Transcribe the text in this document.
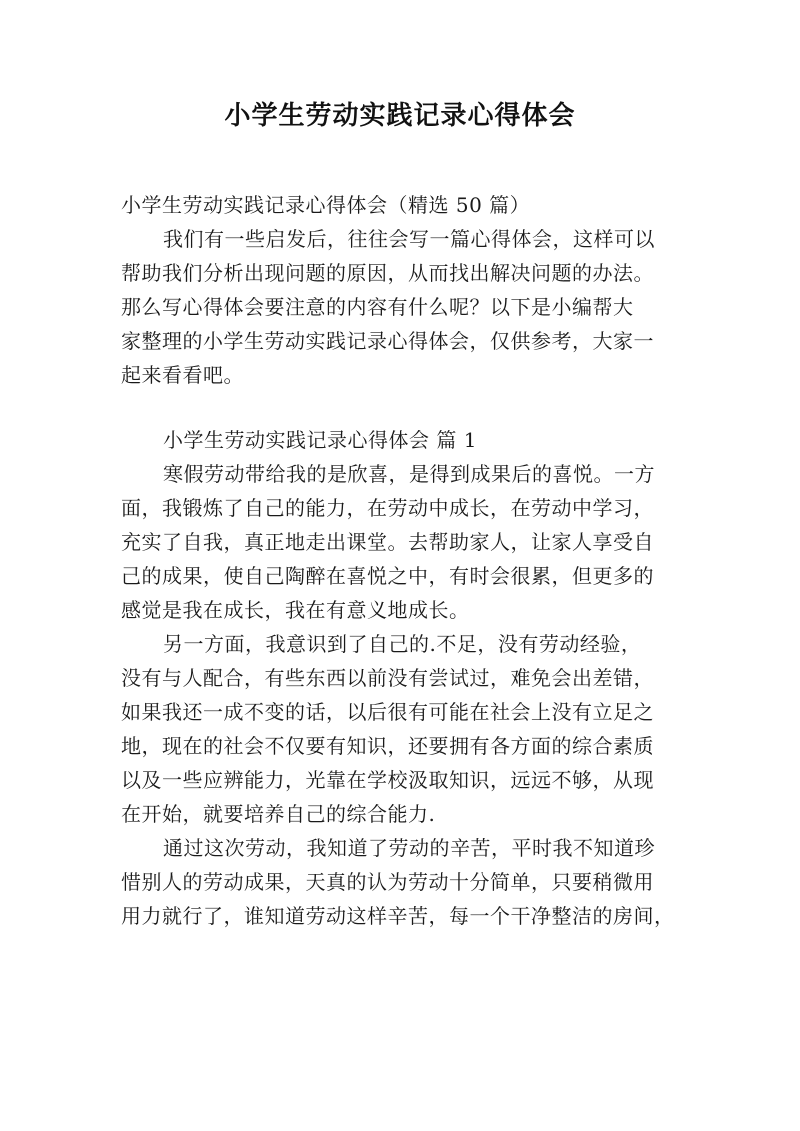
小学生劳动实践记录心得体会
小学生劳动实践记录心得体会（精选 50 篇）
我们有一些启发后，往往会写一篇心得体会，这样可以
帮助我们分析出现问题的原因，从而找出解决问题的办法。
那么写心得体会要注意的内容有什么呢？以下是小编帮大
家整理的小学生劳动实践记录心得体会，仅供参考，大家一
起来看看吧。
小学生劳动实践记录心得体会 篇 1
寒假劳动带给我的是欣喜，是得到成果后的喜悦。一方
面，我锻炼了自己的能力，在劳动中成长，在劳动中学习，
充实了自我，真正地走出课堂。去帮助家人，让家人享受自
己的成果，使自己陶醉在喜悦之中，有时会很累，但更多的
感觉是我在成长，我在有意义地成长。
另一方面，我意识到了自己的.不足，没有劳动经验，
没有与人配合，有些东西以前没有尝试过，难免会出差错，
如果我还一成不变的话，以后很有可能在社会上没有立足之
地，现在的社会不仅要有知识，还要拥有各方面的综合素质
以及一些应辨能力，光靠在学校汲取知识，远远不够，从现
在开始，就要培养自己的综合能力.
通过这次劳动，我知道了劳动的辛苦，平时我不知道珍
惜别人的劳动成果，天真的认为劳动十分简单，只要稍微用
用力就行了，谁知道劳动这样辛苦，每一个干净整洁的房间，
